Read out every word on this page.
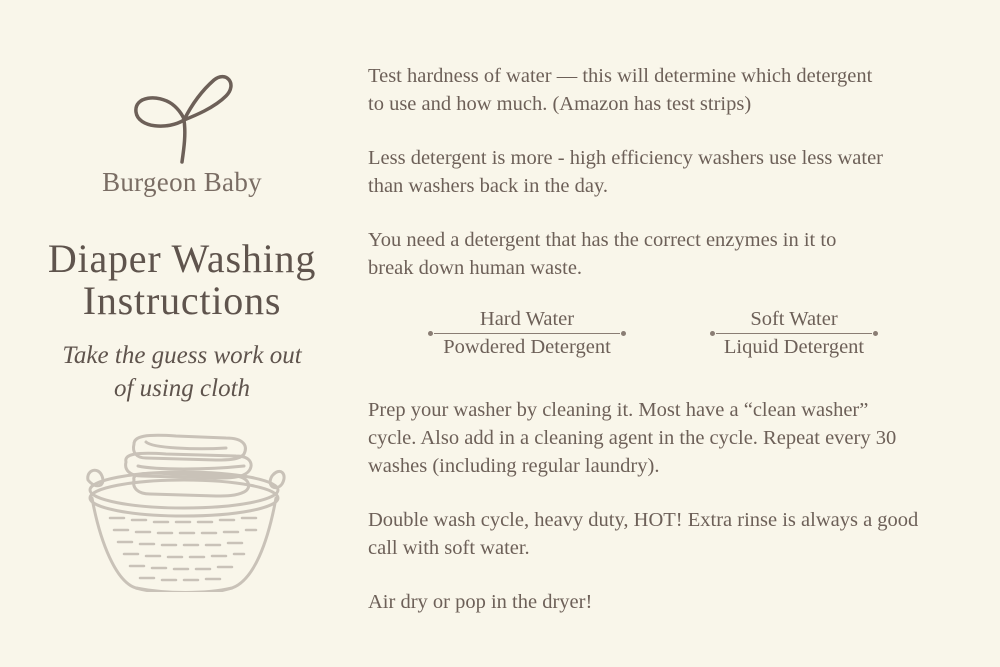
Burgeon Baby
Diaper Washing
Instructions
Take the guess work out
of using cloth

Test hardness of water — this will determine which detergent
to use and how much. (Amazon has test strips)

Less detergent is more - high efficiency washers use less water
than washers back in the day.

You need a detergent that has the correct enzymes in it to
break down human waste.

Hard Water
Powdered Detergent
Soft Water
Liquid Detergent

Prep your washer by cleaning it. Most have a “clean washer”
cycle. Also add in a cleaning agent in the cycle. Repeat every 30
washes (including regular laundry).

Double wash cycle, heavy duty, HOT! Extra rinse is always a good
call with soft water.

Air dry or pop in the dryer!
